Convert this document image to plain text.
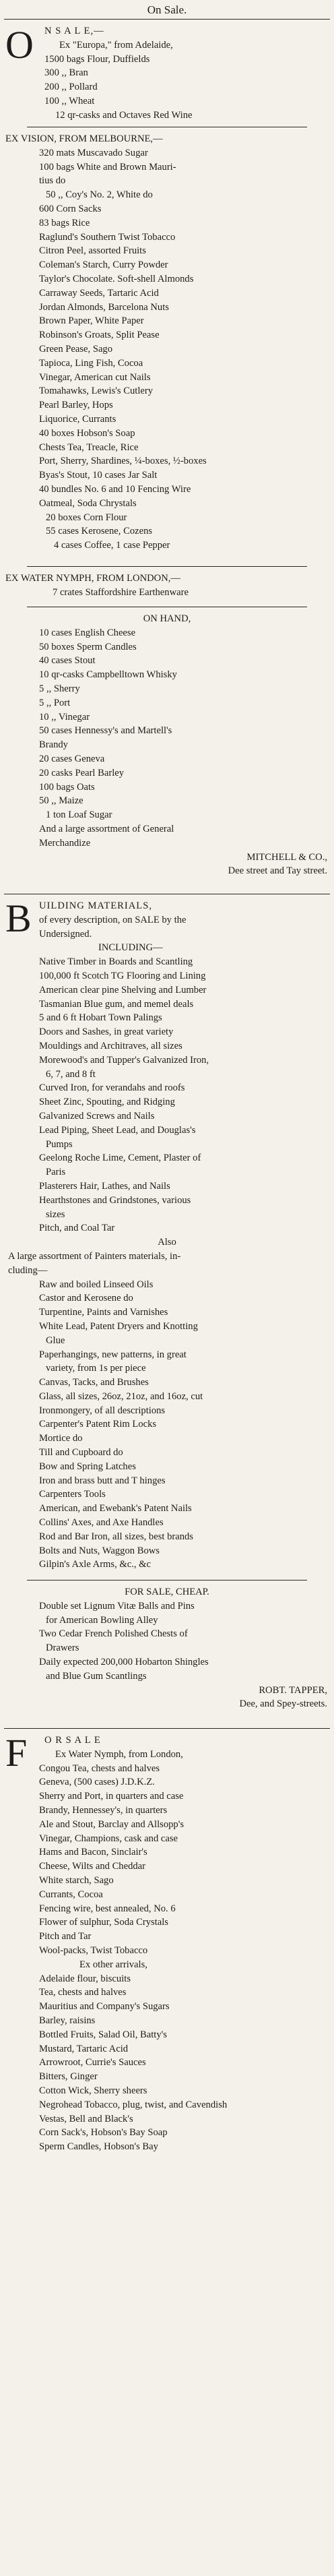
On Sale.
O N S A L E,—
Ex "Europa," from Adelaide,
1500 bags Flour, Duffields
300 ,, Bran
200 ,, Pollard
100 ,, Wheat
12 qr-casks and Octaves Red Wine
EX VISION, FROM MELBOURNE,—
320 mats Muscavado Sugar
100 bags White and Brown Mauri-
tius do
50 ,, Coy's No. 2, White do
600 Corn Sacks
83 bags Rice
Raglund's Southern Twist Tobacco
Citron Peel, assorted Fruits
Coleman's Starch, Curry Powder
Taylor's Chocolate. Soft-shell Almonds
Carraway Seeds, Tartaric Acid
Jordan Almonds, Barcelona Nuts
Brown Paper, White Paper
Robinson's Groats, Split Pease
Green Pease, Sago
Tapioca, Ling Fish, Cocoa
Vinegar, American cut Nails
Tomahawks, Lewis's Cutlery
Pearl Barley, Hops
Liquorice, Currants
40 boxes Hobson's Soap
Chests Tea, Treacle, Rice
Port, Sherry, Shardines, ¼-boxes, ½-boxes
Byas's Stout, 10 cases Jar Salt
40 bundles No. 6 and 10 Fencing Wire
Oatmeal, Soda Chrystals
20 boxes Corn Flour
55 cases Kerosene, Cozens
4 cases Coffee, 1 case Pepper
EX WATER NYMPH, FROM LONDON,—
7 crates Staffordshire Earthenware
ON HAND,
10 cases English Cheese
50 boxes Sperm Candles
40 cases Stout
10 qr-casks Campbelltown Whisky
5 ,, Sherry
5 ,, Port
10 ,, Vinegar
50 cases Hennessy's and Martell's
Brandy
20 cases Geneva
20 casks Pearl Barley
100 bags Oats
50 ,, Maize
1 ton Loaf Sugar
And a large assortment of General
Merchandize
MITCHELL & CO.,
Dee street and Tay street.
B UILDING MATERIALS,
of every description, on SALE by the
Undersigned.
INCLUDING—
Native Timber in Boards and Scantling
100,000 ft Scotch TG Flooring and Lining
American clear pine Shelving and Lumber
Tasmanian Blue gum, and memel deals
5 and 6 ft Hobart Town Palings
Doors and Sashes, in great variety
Mouldings and Architraves, all sizes
Morewood's and Tupper's Galvanized Iron,
6, 7, and 8 ft
Curved Iron, for verandahs and roofs
Sheet Zinc, Spouting, and Ridging
Galvanized Screws and Nails
Lead Piping, Sheet Lead, and Douglas's
Pumps
Geelong Roche Lime, Cement, Plaster of
Paris
Plasterers Hair, Lathes, and Nails
Hearthstones and Grindstones, various
sizes
Pitch, and Coal Tar
Also
A large assortment of Painters materials, in-
cluding—
Raw and boiled Linseed Oils
Castor and Kerosene do
Turpentine, Paints and Varnishes
White Lead, Patent Dryers and Knotting
Glue
Paperhangings, new patterns, in great
variety, from 1s per piece
Canvas, Tacks, and Brushes
Glass, all sizes, 26oz, 21oz, and 16oz, cut
Ironmongery, of all descriptions
Carpenter's Patent Rim Locks
Mortice do
Till and Cupboard do
Bow and Spring Latches
Iron and brass butt and T hinges
Carpenters Tools
American, and Ewebank's Patent Nails
Collins' Axes, and Axe Handles
Rod and Bar Iron, all sizes, best brands
Bolts and Nuts, Waggon Bows
Gilpin's Axle Arms, &c., &c
FOR SALE, CHEAP.
Double set Lignum Vitæ Balls and Pins
for American Bowling Alley
Two Cedar French Polished Chests of
Drawers
Daily expected 200,000 Hobarton Shingles
and Blue Gum Scantlings
ROBT. TAPPER,
Dee, and Spey-streets.
F	O R S A L E
Ex Water Nymph, from London,
Congou Tea, chests and halves
Geneva, (500 cases) J.D.K.Z.
Sherry and Port, in quarters and case
Brandy, Hennessey's, in quarters
Ale and Stout, Barclay and Allsopp's
Vinegar, Champions, cask and case
Hams and Bacon, Sinclair's
Cheese, Wilts and Cheddar
White starch, Sago
Currants, Cocoa
Fencing wire, best annealed, No. 6
Flower of sulphur, Soda Crystals
Pitch and Tar
Wool-packs, Twist Tobacco
Ex other arrivals,
Adelaide flour, biscuits
Tea, chests and halves
Mauritius and Company's Sugars
Barley, raisins
Bottled Fruits, Salad Oil, Batty's
Mustard, Tartaric Acid
Arrowroot, Currie's Sauces
Bitters, Ginger
Cotton Wick, Sherry sheers
Negrohead Tobacco, plug, twist, and Cavendish
Vestas, Bell and Black's
Corn Sack's, Hobson's Bay Soap
Sperm Candles, Hobson's Bay
